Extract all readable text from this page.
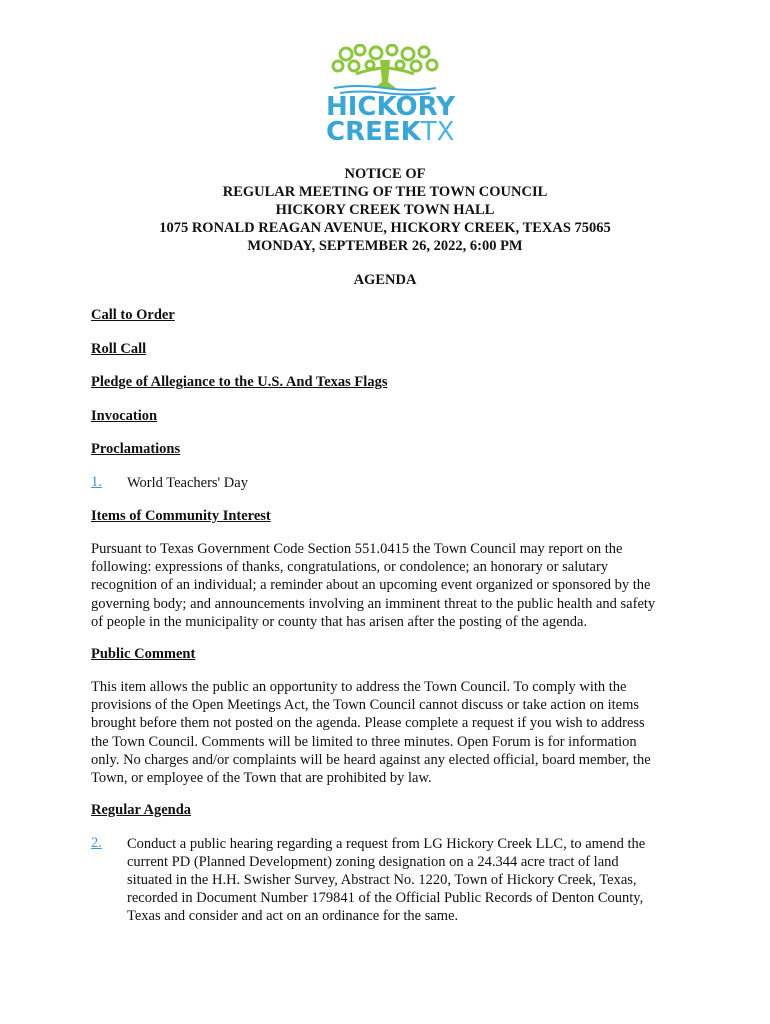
HICKORY
CREEKTX
NOTICE OF
REGULAR MEETING OF THE TOWN COUNCIL
HICKORY CREEK TOWN HALL
1075 RONALD REAGAN AVENUE, HICKORY CREEK, TEXAS 75065
MONDAY, SEPTEMBER 26, 2022, 6:00 PM
AGENDA
Call to Order
Roll Call
Pledge of Allegiance to the U.S. And Texas Flags
Invocation
Proclamations
1. World Teachers' Day
Items of Community Interest
Pursuant to Texas Government Code Section 551.0415 the Town Council may report on the
following: expressions of thanks, congratulations, or condolence; an honorary or salutary
recognition of an individual; a reminder about an upcoming event organized or sponsored by the
governing body; and announcements involving an imminent threat to the public health and safety
of people in the municipality or county that has arisen after the posting of the agenda.
Public Comment
This item allows the public an opportunity to address the Town Council. To comply with the
provisions of the Open Meetings Act, the Town Council cannot discuss or take action on items
brought before them not posted on the agenda. Please complete a request if you wish to address
the Town Council. Comments will be limited to three minutes. Open Forum is for information
only. No charges and/or complaints will be heard against any elected official, board member, the
Town, or employee of the Town that are prohibited by law.
Regular Agenda
2. Conduct a public hearing regarding a request from LG Hickory Creek LLC, to amend the
current PD (Planned Development) zoning designation on a 24.344 acre tract of land
situated in the H.H. Swisher Survey, Abstract No. 1220, Town of Hickory Creek, Texas,
recorded in Document Number 179841 of the Official Public Records of Denton County,
Texas and consider and act on an ordinance for the same.
